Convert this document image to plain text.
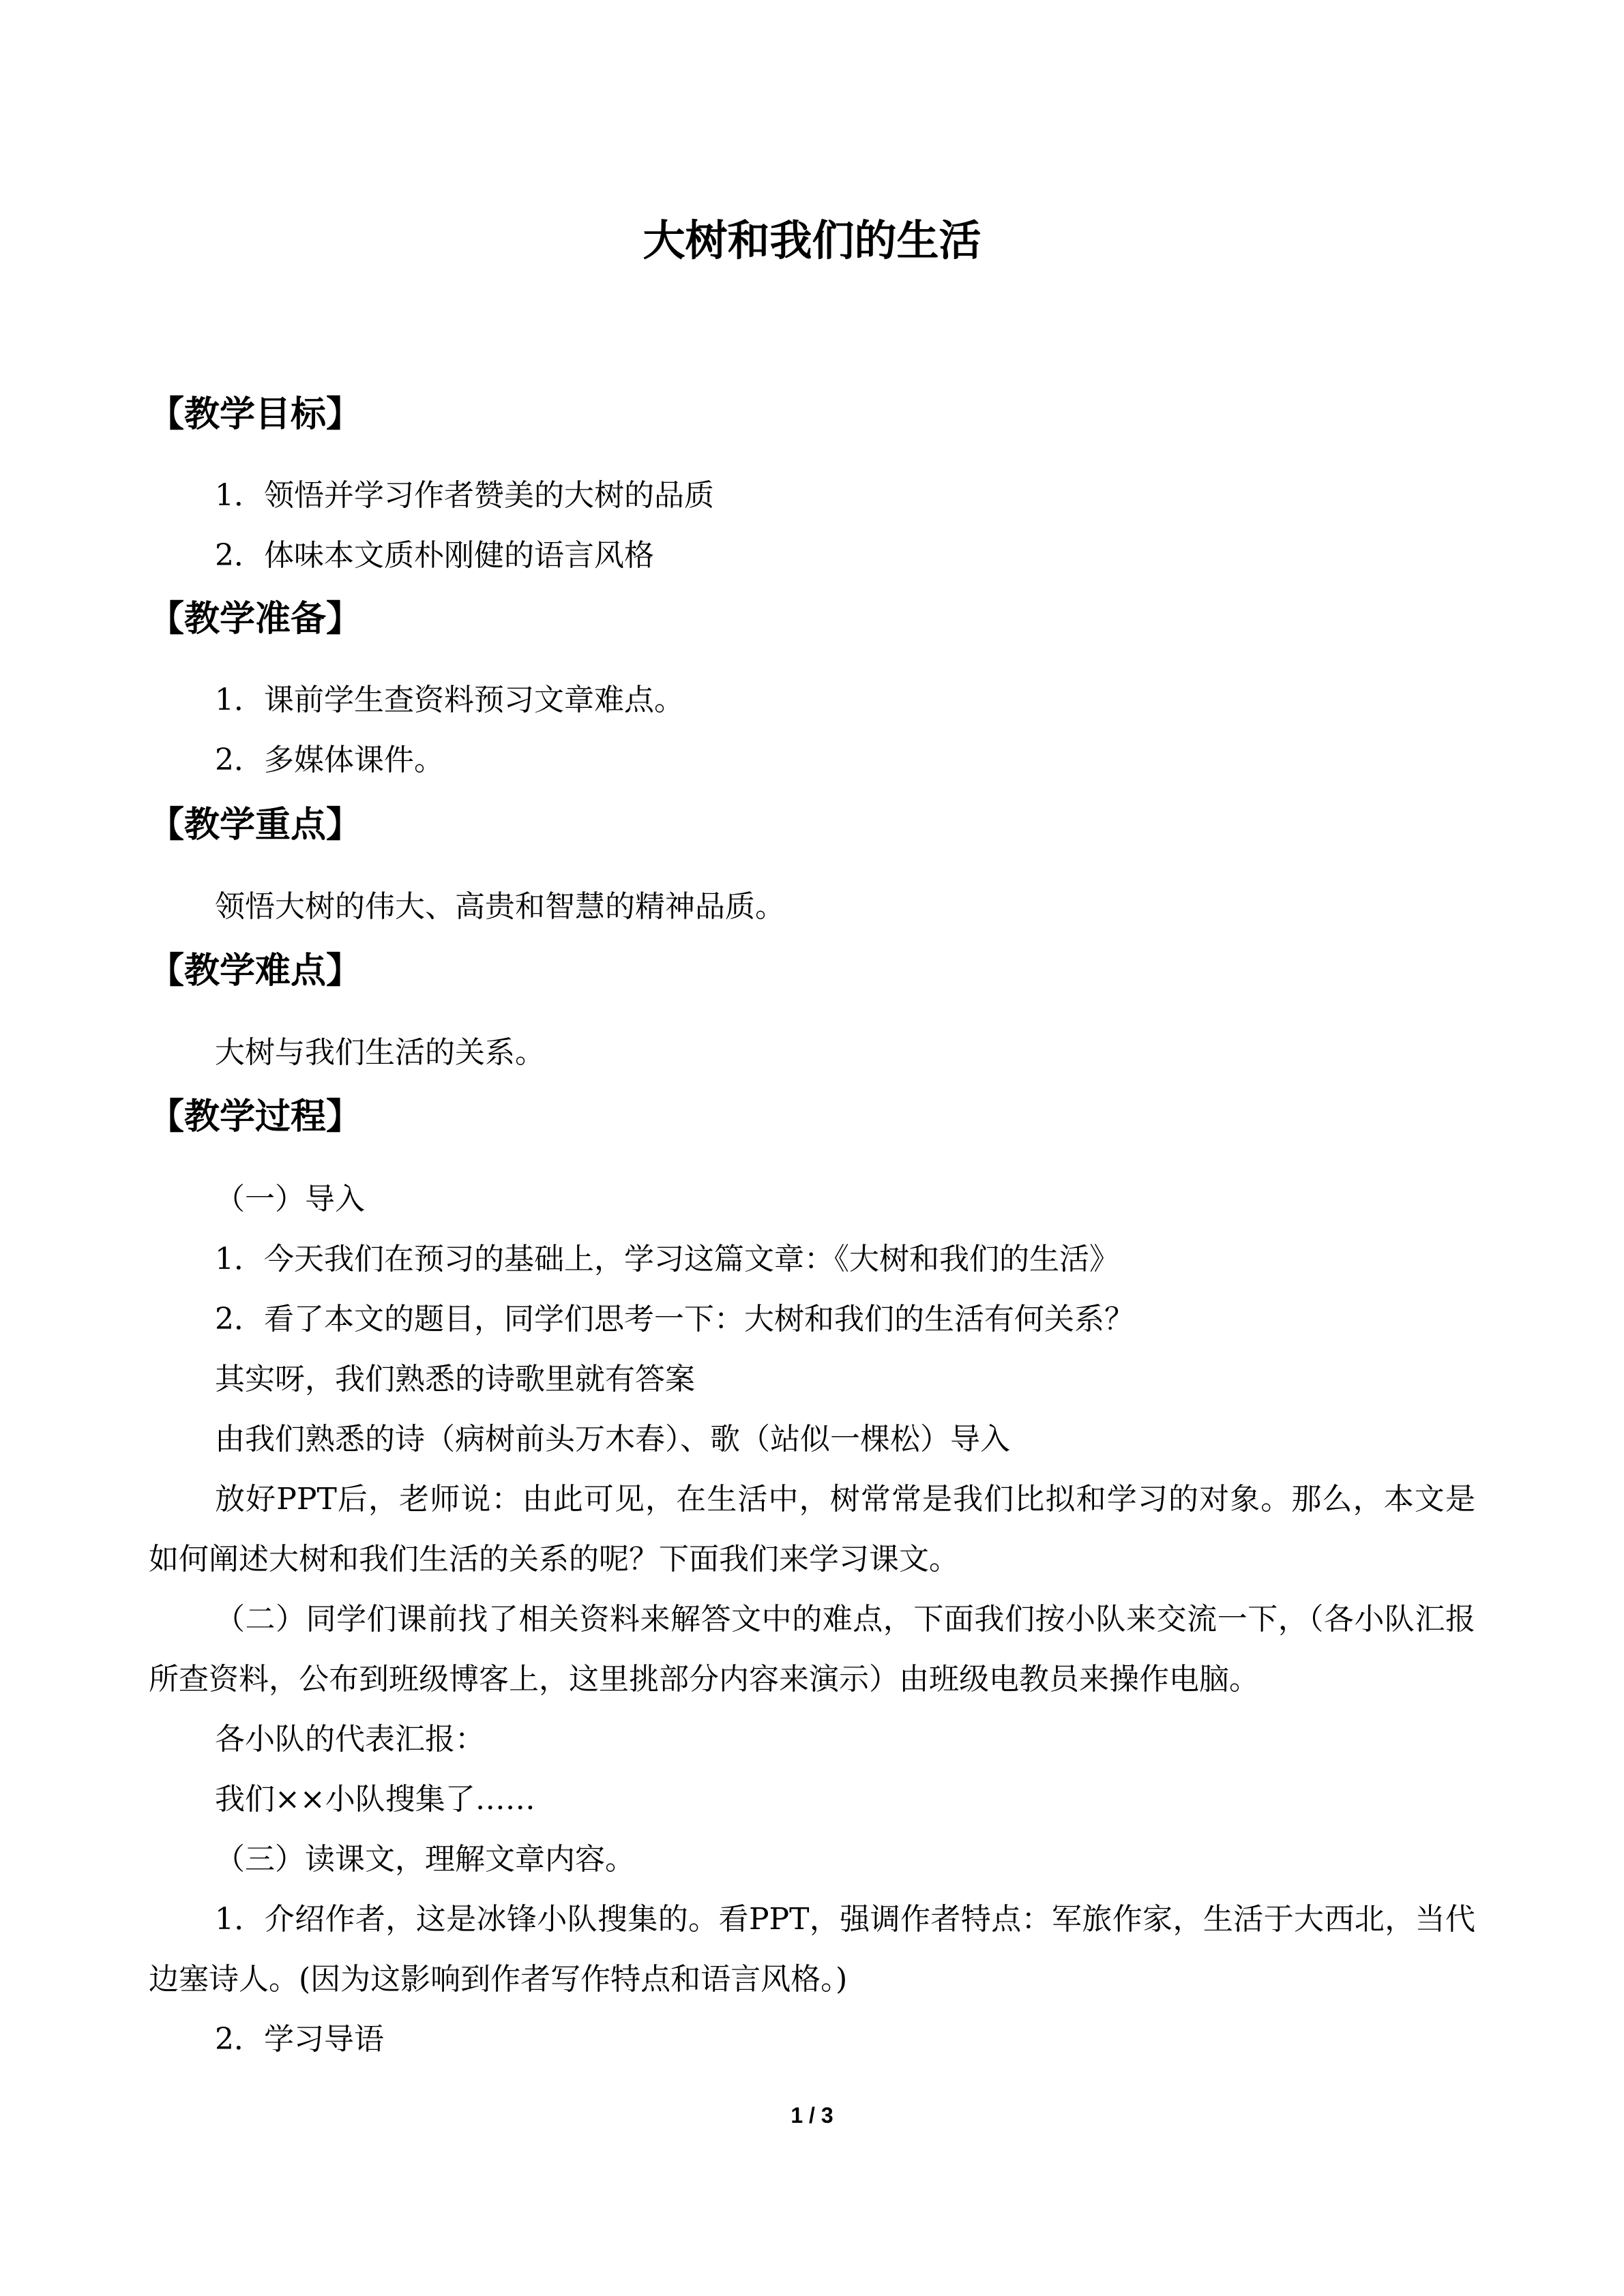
大树和我们的生活
【教学目标】
1．领悟并学习作者赞美的大树的品质
2．体味本文质朴刚健的语言风格
【教学准备】
1．课前学生查资料预习文章难点。
2．多媒体课件。
【教学重点】
领悟大树的伟大、高贵和智慧的精神品质。
【教学难点】
大树与我们生活的关系。
【教学过程】
（一）导入
1．今天我们在预习的基础上，学习这篇文章：《大树和我们的生活》
2．看了本文的题目，同学们思考一下：大树和我们的生活有何关系？
其实呀，我们熟悉的诗歌里就有答案
由我们熟悉的诗（病树前头万木春）、歌（站似一棵松）导入
放好PPT后，老师说：由此可见，在生活中，树常常是我们比拟和学习的对象。那么，本文是如何阐述大树和我们生活的关系的呢？下面我们来学习课文。
（二）同学们课前找了相关资料来解答文中的难点，下面我们按小队来交流一下，（各小队汇报所查资料，公布到班级博客上，这里挑部分内容来演示）由班级电教员来操作电脑。
各小队的代表汇报：
我们××小队搜集了……
（三）读课文，理解文章内容。
1．介绍作者，这是冰锋小队搜集的。看PPT，强调作者特点：军旅作家，生活于大西北，当代边塞诗人。(因为这影响到作者写作特点和语言风格。)
2．学习导语
1 / 3
